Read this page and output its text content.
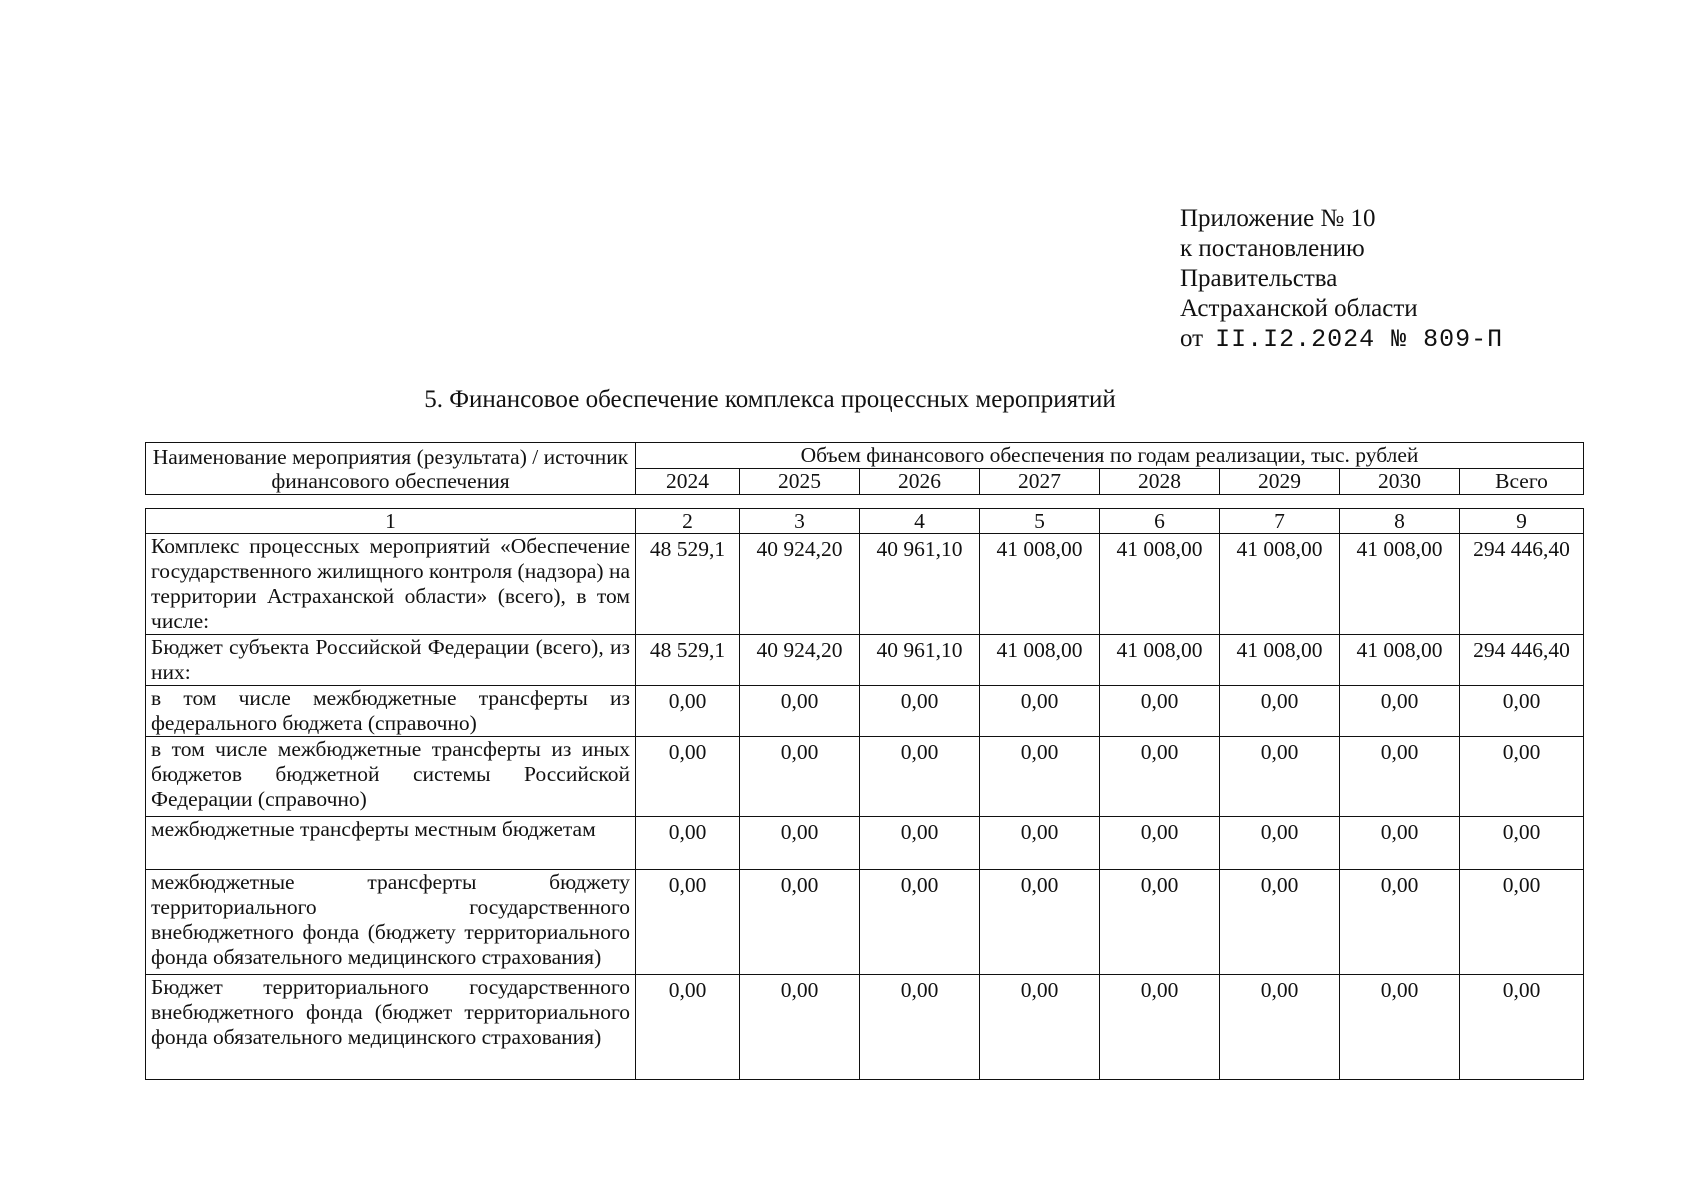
Приложение № 10
к постановлению
Правительства
Астраханской области
от II.I2.2024 № 809-П
5. Финансовое обеспечение комплекса процессных мероприятий
Наименование мероприятия (результата) / источник финансового обеспечения	Объем финансового обеспечения по годам реализации, тыс. рублей							
	2024	2025	2026	2027	2028	2029	2030	Всего
1	2	3	4	5	6	7	8	9
Комплекс процессных мероприятий «Обеспечение государственного жилищного контроля (надзора) на территории Астраханской области» (всего), в том числе:	48 529,1	40 924,20	40 961,10	41 008,00	41 008,00	41 008,00	41 008,00	294 446,40
Бюджет субъекта Российской Федерации (всего), из них:	48 529,1	40 924,20	40 961,10	41 008,00	41 008,00	41 008,00	41 008,00	294 446,40
в том числе межбюджетные трансферты из федерального бюджета (справочно)	0,00	0,00	0,00	0,00	0,00	0,00	0,00	0,00
в том числе межбюджетные трансферты из иных бюджетов бюджетной системы Российской Федерации (справочно)	0,00	0,00	0,00	0,00	0,00	0,00	0,00	0,00
межбюджетные трансферты местным бюджетам	0,00	0,00	0,00	0,00	0,00	0,00	0,00	0,00
межбюджетные трансферты бюджету территориального государственного внебюджетного фонда (бюджету территориального фонда обязательного медицинского страхования)	0,00	0,00	0,00	0,00	0,00	0,00	0,00	0,00
Бюджет территориального государственного внебюджетного фонда (бюджет территориального фонда обязательного медицинского страхования)	0,00	0,00	0,00	0,00	0,00	0,00	0,00	0,00
